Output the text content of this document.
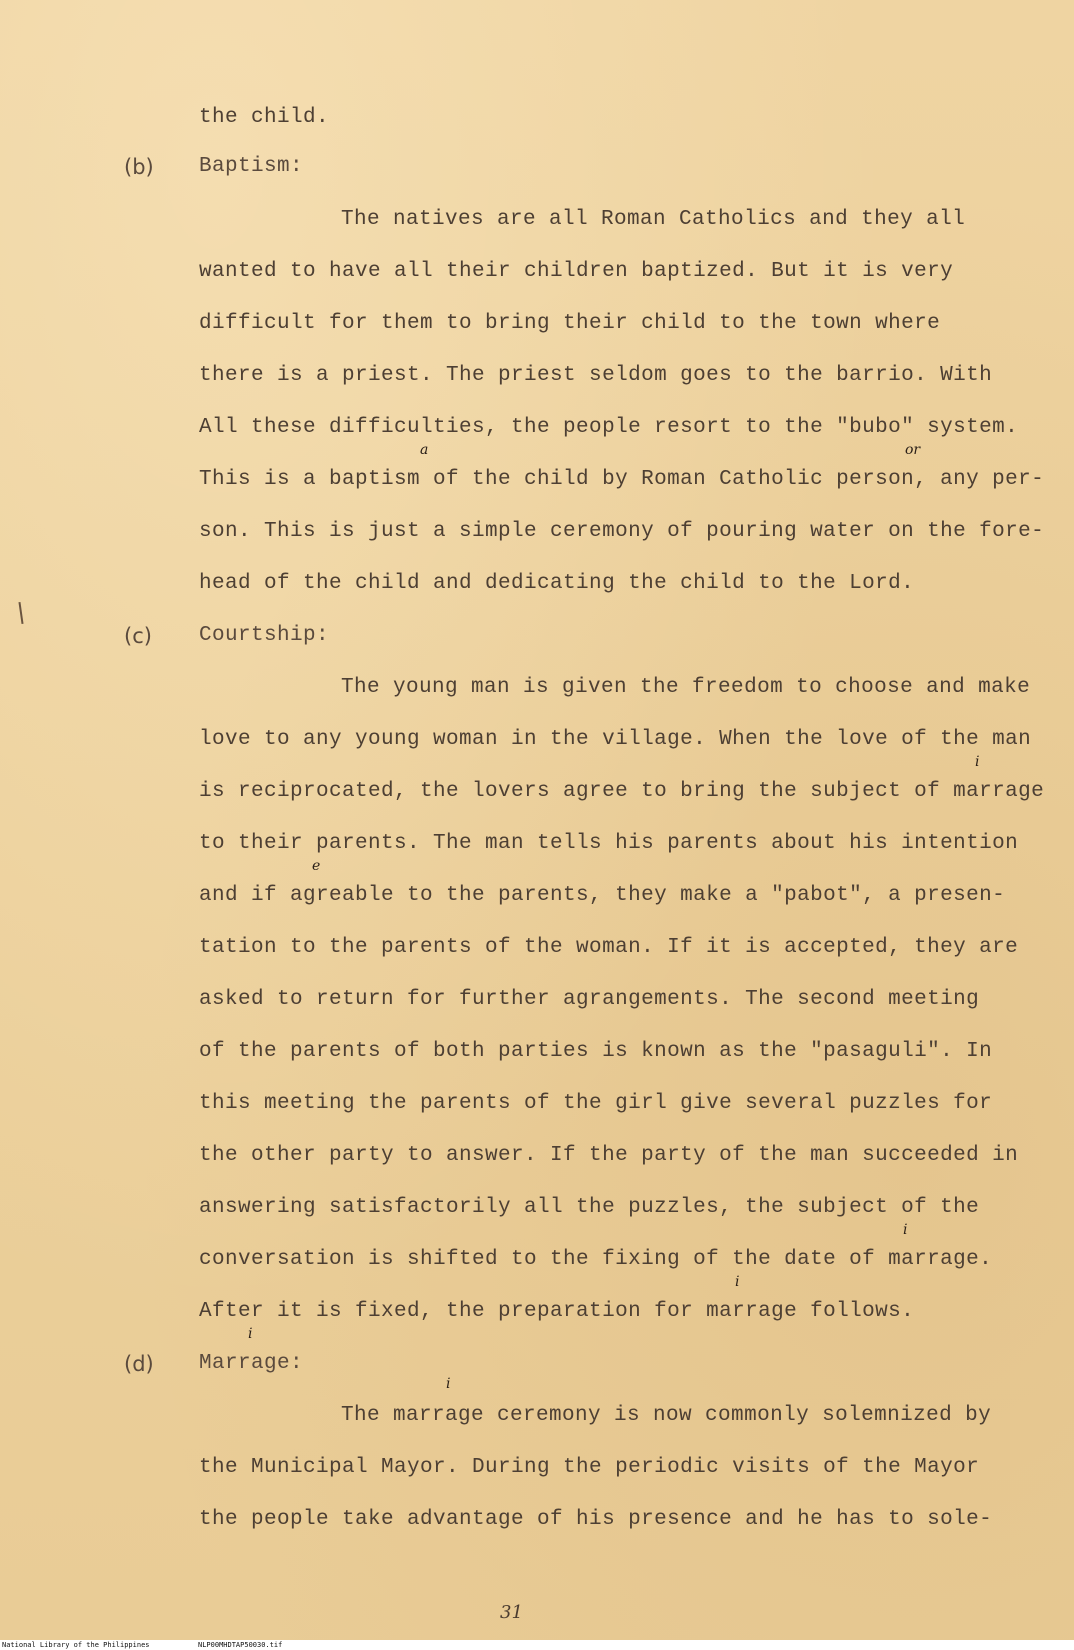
the child.
(b) Baptism:
The natives are all Roman Catholics and they all
wanted to have all their children baptized. But it is very
difficult for them to bring their child to the town where
there is a priest. The priest seldom goes to the barrio. With
All these difficulties, the people resort to the "bubo" system.
a	or
This is a baptism of the child by Roman Catholic person, any per-
son. This is just a simple ceremony of pouring water on the fore-
head of the child and dedicating the child to the Lord.
(c) Courtship:
The young man is given the freedom to choose and make
love to any young woman in the village. When the love of the man
i
is reciprocated, the lovers agree to bring the subject of marrage
to their parents. The man tells his parents about his intention
e
and if agreable to the parents, they make a "pabot", a presen-
tation to the parents of the woman. If it is accepted, they are
asked to return for further agrangements. The second meeting
of the parents of both parties is known as the "pasaguli". In
this meeting the parents of the girl give several puzzles for
the other party to answer. If the party of the man succeeded in
answering satisfactorily all the puzzles, the subject of the
i
conversation is shifted to the fixing of the date of marrage.
i
After it is fixed, the preparation for marrage follows.
i
(d) Marrage:
i
The marrage ceremony is now commonly solemnized by
the Municipal Mayor. During the periodic visits of the Mayor
the people take advantage of his presence and he has to sole-
31
National Library of the Philippines	NLP00MHDTAP50030.tif
